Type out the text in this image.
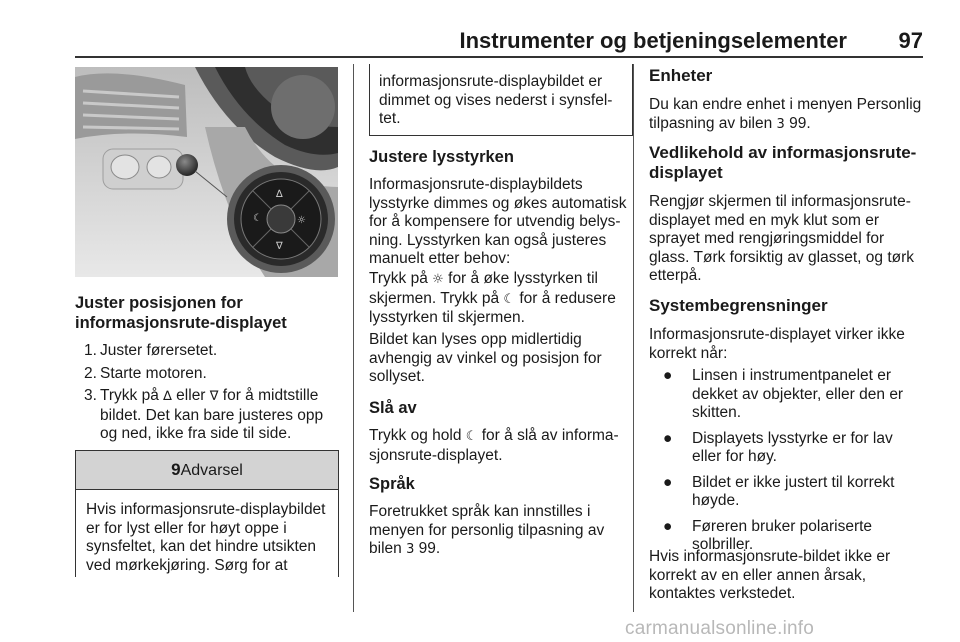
Instrumenter og betjeningselementer 97
∆
∇
☼
☾
Juster posisjonen for informasjonsrute-displayet
1. Juster førersetet.
2. Starte motoren.
3. Trykk på ∆ eller ∇ for å midtstille bildet. Det kan bare justeres opp og ned, ikke fra side til side.
9Advarsel
Hvis informasjonsrute-displaybildet er for lyst eller for høyt oppe i synsfeltet, kan det hindre utsikten ved mørkekjøring. Sørg for at
informasjonsrute-displaybildet er dimmet og vises nederst i synsfeltet.
Justere lysstyrken

Informasjonsrute-displaybildets lysstyrke dimmes og økes automatisk for å kompensere for utvendig belysning. Lysstyrken kan også justeres manuelt etter behov:

Trykk på ☼ for å øke lysstyrken til skjermen. Trykk på ☾ for å redusere lysstyrken til skjermen.

Bildet kan lyses opp midlertidig avhengig av vinkel og posisjon for sollyset.

Slå av

Trykk og hold ☾ for å slå av informasjonsrute-displayet.

Språk

Foretrukket språk kan innstilles i menyen for personlig tilpasning av bilen 3 99.

Enheter

Du kan endre enhet i menyen Personlig tilpasning av bilen 3 99.

Vedlikehold av informasjonsrute-displayet

Rengjør skjermen til informasjonsrute-displayet med en myk klut som er sprayet med rengjøringsmiddel for glass. Tørk forsiktig av glasset, og tørk etterpå.

Systembegrensninger

Informasjonsrute-displayet virker ikke korrekt når:

● Linsen i instrumentpanelet er dekket av objekter, eller den er skitten.
● Displayets lysstyrke er for lav eller for høy.
● Bildet er ikke justert til korrekt høyde.
● Føreren bruker polariserte solbriller.

Hvis informasjonsrute-bildet ikke er korrekt av en eller annen årsak, kontaktes verkstedet.

carmanualsonline.info
